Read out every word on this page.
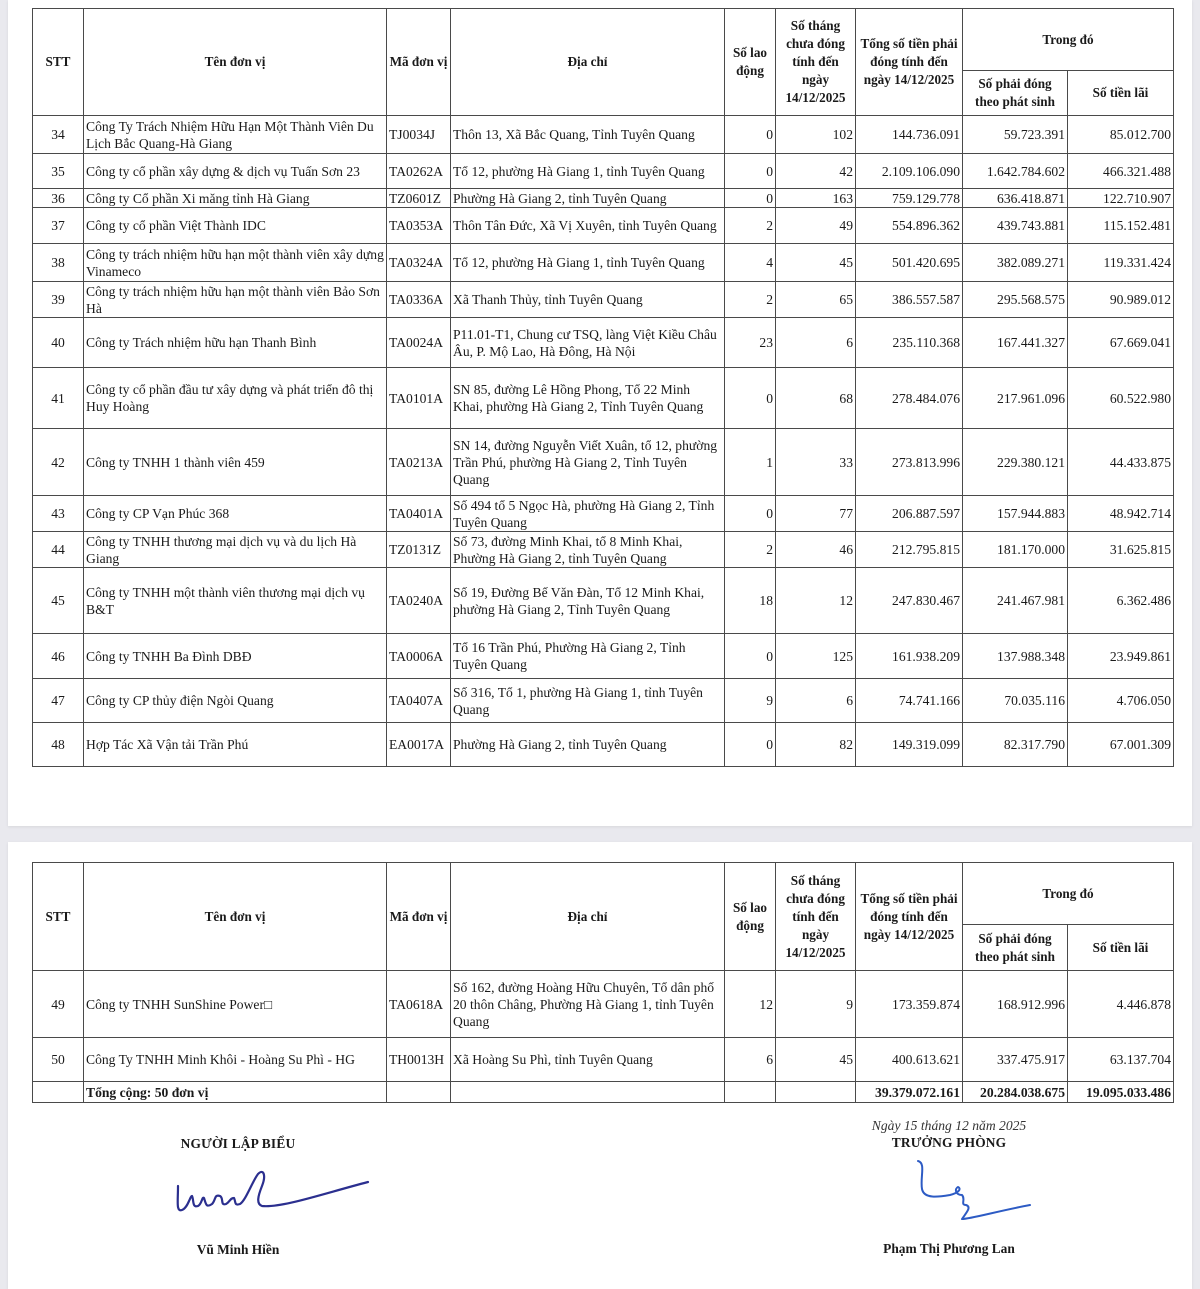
STT	Tên đơn vị	Mã đơn vị	Địa chỉ	Số lao động	Số tháng chưa đóng tính đến ngày 14/12/2025	Tổng số tiền phải đóng tính đến ngày 14/12/2025	Trong đó	
							Số phải đóng theo phát sinh	Số tiền lãi
34	Công Ty Trách Nhiệm Hữu Hạn Một Thành Viên Du Lịch Bắc Quang-Hà Giang	TJ0034J	Thôn 13, Xã Bắc Quang, Tỉnh Tuyên Quang	0	102	144.736.091	59.723.391	85.012.700
35	Công ty cổ phần xây dựng & dịch vụ Tuấn Sơn 23	TA0262A	Tổ 12, phường Hà Giang 1, tỉnh Tuyên Quang	0	42	2.109.106.090	1.642.784.602	466.321.488
36	Công ty Cổ phần Xi măng tỉnh Hà Giang	TZ0601Z	Phường Hà Giang 2, tỉnh Tuyên Quang	0	163	759.129.778	636.418.871	122.710.907
37	Công ty cổ phần Việt Thành IDC	TA0353A	Thôn Tân Đức, Xã Vị Xuyên, tỉnh Tuyên Quang	2	49	554.896.362	439.743.881	115.152.481
38	Công ty trách nhiệm hữu hạn một thành viên xây dựng Vinameco	TA0324A	Tổ 12, phường Hà Giang 1, tỉnh Tuyên Quang	4	45	501.420.695	382.089.271	119.331.424
39	Công ty trách nhiệm hữu hạn một thành viên Bảo Sơn Hà	TA0336A	Xã Thanh Thủy, tỉnh Tuyên Quang	2	65	386.557.587	295.568.575	90.989.012
40	Công ty Trách nhiệm hữu hạn Thanh Bình	TA0024A	P11.01-T1, Chung cư TSQ, làng Việt Kiều Châu Âu, P. Mộ Lao, Hà Đông, Hà Nội	23	6	235.110.368	167.441.327	67.669.041
41	Công ty cổ phần đầu tư xây dựng và phát triển đô thị Huy Hoàng	TA0101A	SN 85, đường Lê Hồng Phong, Tổ 22 Minh Khai, phường Hà Giang 2, Tỉnh Tuyên Quang	0	68	278.484.076	217.961.096	60.522.980
42	Công ty TNHH 1 thành viên 459	TA0213A	SN 14, đường Nguyễn Viết Xuân, tổ 12, phường Trần Phú, phường Hà Giang 2, Tỉnh Tuyên Quang	1	33	273.813.996	229.380.121	44.433.875
43	Công ty CP Vạn Phúc 368	TA0401A	Số 494 tổ 5 Ngọc Hà, phường Hà Giang 2, Tỉnh Tuyên Quang	0	77	206.887.597	157.944.883	48.942.714
44	Công ty TNHH thương mại dịch vụ và du lịch Hà Giang	TZ0131Z	Số 73, đường Minh Khai, tổ 8 Minh Khai, Phường Hà Giang 2, tỉnh Tuyên Quang	2	46	212.795.815	181.170.000	31.625.815
45	Công ty TNHH một thành viên thương mại dịch vụ B&T	TA0240A	Số 19, Đường Bế Văn Đàn, Tổ 12 Minh Khai, phường Hà Giang 2, Tỉnh Tuyên Quang	18	12	247.830.467	241.467.981	6.362.486
46	Công ty TNHH Ba Đình DBĐ	TA0006A	Tổ 16 Trần Phú, Phường Hà Giang 2, Tỉnh Tuyên Quang	0	125	161.938.209	137.988.348	23.949.861
47	Công ty CP thủy điện Ngòi Quang	TA0407A	Số 316, Tổ 1, phường Hà Giang 1, tỉnh Tuyên Quang	9	6	74.741.166	70.035.116	4.706.050
48	Hợp Tác Xã Vận tải Trần Phú	EA0017A	Phường Hà Giang 2, tỉnh Tuyên Quang	0	82	149.319.099	82.317.790	67.001.309
STT	Tên đơn vị	Mã đơn vị	Địa chỉ	Số lao động	Số tháng chưa đóng tính đến ngày 14/12/2025	Tổng số tiền phải đóng tính đến ngày 14/12/2025	Trong đó	
							Số phải đóng theo phát sinh	Số tiền lãi
49	Công ty TNHH SunShine Power□	TA0618A	Số 162, đường Hoàng Hữu Chuyên, Tổ dân phố 20 thôn Châng, Phường Hà Giang 1, tỉnh Tuyên Quang	12	9	173.359.874	168.912.996	4.446.878
50	Công Ty TNHH Minh Khôi - Hoàng Su Phì - HG	TH0013H	Xã Hoàng Su Phì, tỉnh Tuyên Quang	6	45	400.613.621	337.475.917	63.137.704
	Tổng cộng: 50 đơn vị					39.379.072.161	20.284.038.675	19.095.033.486
NGƯỜI LẬP BIỂU
Vũ Minh Hiền
Ngày 15 tháng 12 năm 2025
TRƯỞNG PHÒNG
Phạm Thị Phương Lan
